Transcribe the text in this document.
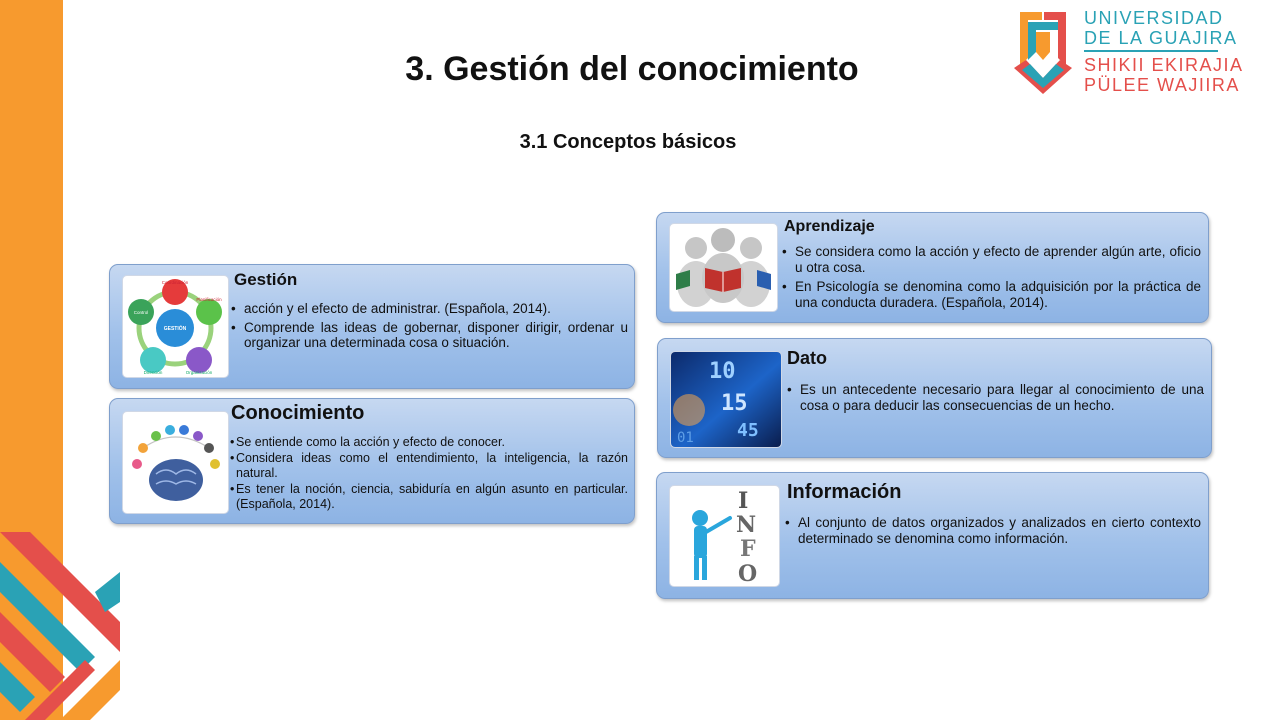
3. Gestión del conocimiento
3.1 Conceptos básicos
UNIVERSIDAD
DE LA GUAJIRA
SHIKII EKIRAJIA
PÜLEE WAJIIRA
Coordinación
Planificación
Control
GESTIÓN
Dirección	Organización
Gestión
• acción y el efecto de administrar. (Española, 2014).
• Comprende las ideas de gobernar, disponer dirigir, ordenar u organizar una determinada cosa o situación.
Conocimiento
• Se entiende como la acción y efecto de conocer.
• Considera ideas como el entendimiento, la inteligencia, la razón natural.
• Es tener la noción, ciencia, sabiduría en algún asunto en particular. (Española, 2014).
Aprendizaje
• Se considera como la acción y efecto de aprender algún arte, oficio u otra cosa.
• En Psicología se denomina como la adquisición por la práctica de una conducta duradera. (Española, 2014).
10
15
45
01
Dato
• Es un antecedente necesario para llegar al conocimiento de una cosa o para deducir las consecuencias de un hecho.
I
N
F
O
Información
• Al conjunto de datos organizados y analizados en cierto contexto determinado se denomina como información.
